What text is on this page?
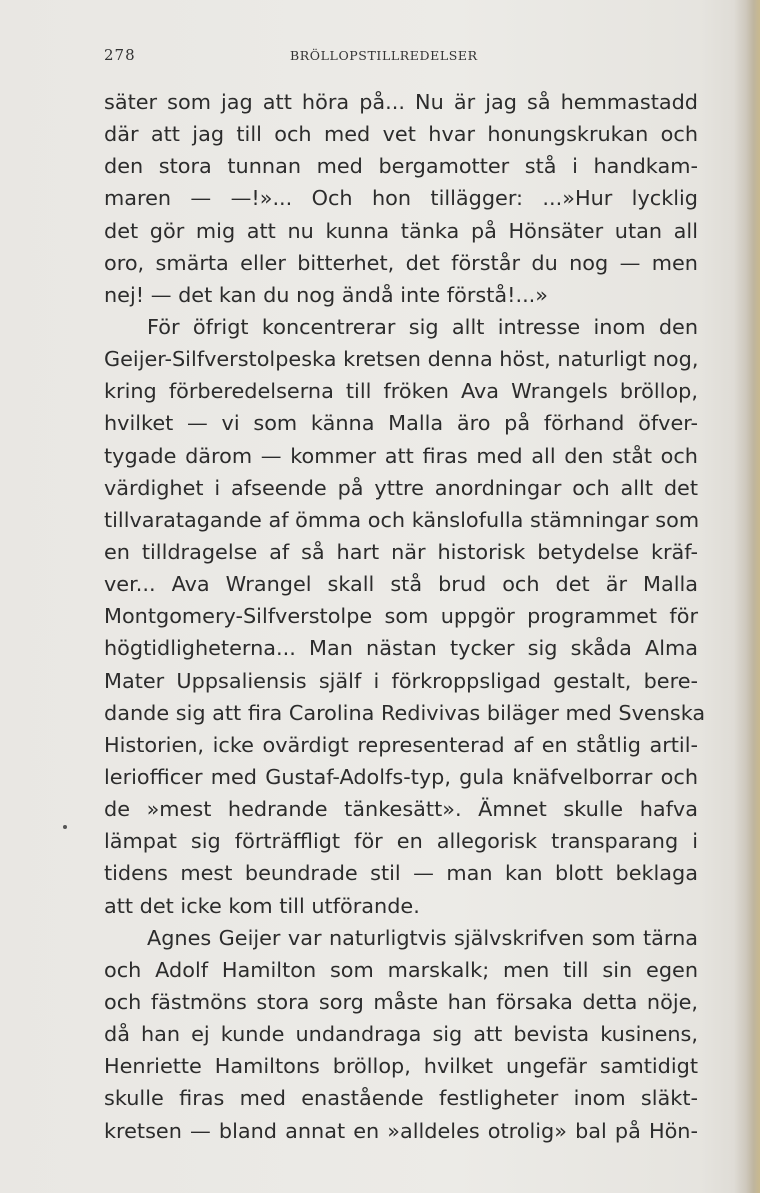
278	BRÖLLOPSTILLREDELSER
säter som jag att höra på... Nu är jag så hemmastadd
där att jag till och med vet hvar honungskrukan och
den stora tunnan med bergamotter stå i handkam-
maren — —!»... Och hon tillägger: ...»Hur lycklig
det gör mig att nu kunna tänka på Hönsäter utan all
oro, smärta eller bitterhet, det förstår du nog — men
nej! — det kan du nog ändå inte förstå!...»
För öfrigt koncentrerar sig allt intresse inom den
Geijer-Silfverstolpeska kretsen denna höst, naturligt nog,
kring förberedelserna till fröken Ava Wrangels bröllop,
hvilket — vi som känna Malla äro på förhand öfver-
tygade därom — kommer att firas med all den ståt och
värdighet i afseende på yttre anordningar och allt det
tillvaratagande af ömma och känslofulla stämningar som
en tilldragelse af så hart när historisk betydelse kräf-
ver... Ava Wrangel skall stå brud och det är Malla
Montgomery-Silfverstolpe som uppgör programmet för
högtidligheterna... Man nästan tycker sig skåda Alma
Mater Uppsaliensis själf i förkroppsligad gestalt, bere-
dande sig att fira Carolina Redivivas biläger med Svenska
Historien, icke ovärdigt representerad af en ståtlig artil-
leriofficer med Gustaf-Adolfs-typ, gula knäfvelborrar och
de »mest hedrande tänkesätt». Ämnet skulle hafva
lämpat sig förträffligt för en allegorisk transparang i
tidens mest beundrade stil — man kan blott beklaga
att det icke kom till utförande.
Agnes Geijer var naturligtvis självskrifven som tärna
och Adolf Hamilton som marskalk; men till sin egen
och fästmöns stora sorg måste han försaka detta nöje,
då han ej kunde undandraga sig att bevista kusinens,
Henriette Hamiltons bröllop, hvilket ungefär samtidigt
skulle firas med enastående festligheter inom släkt-
kretsen — bland annat en »alldeles otrolig» bal på Hön-
